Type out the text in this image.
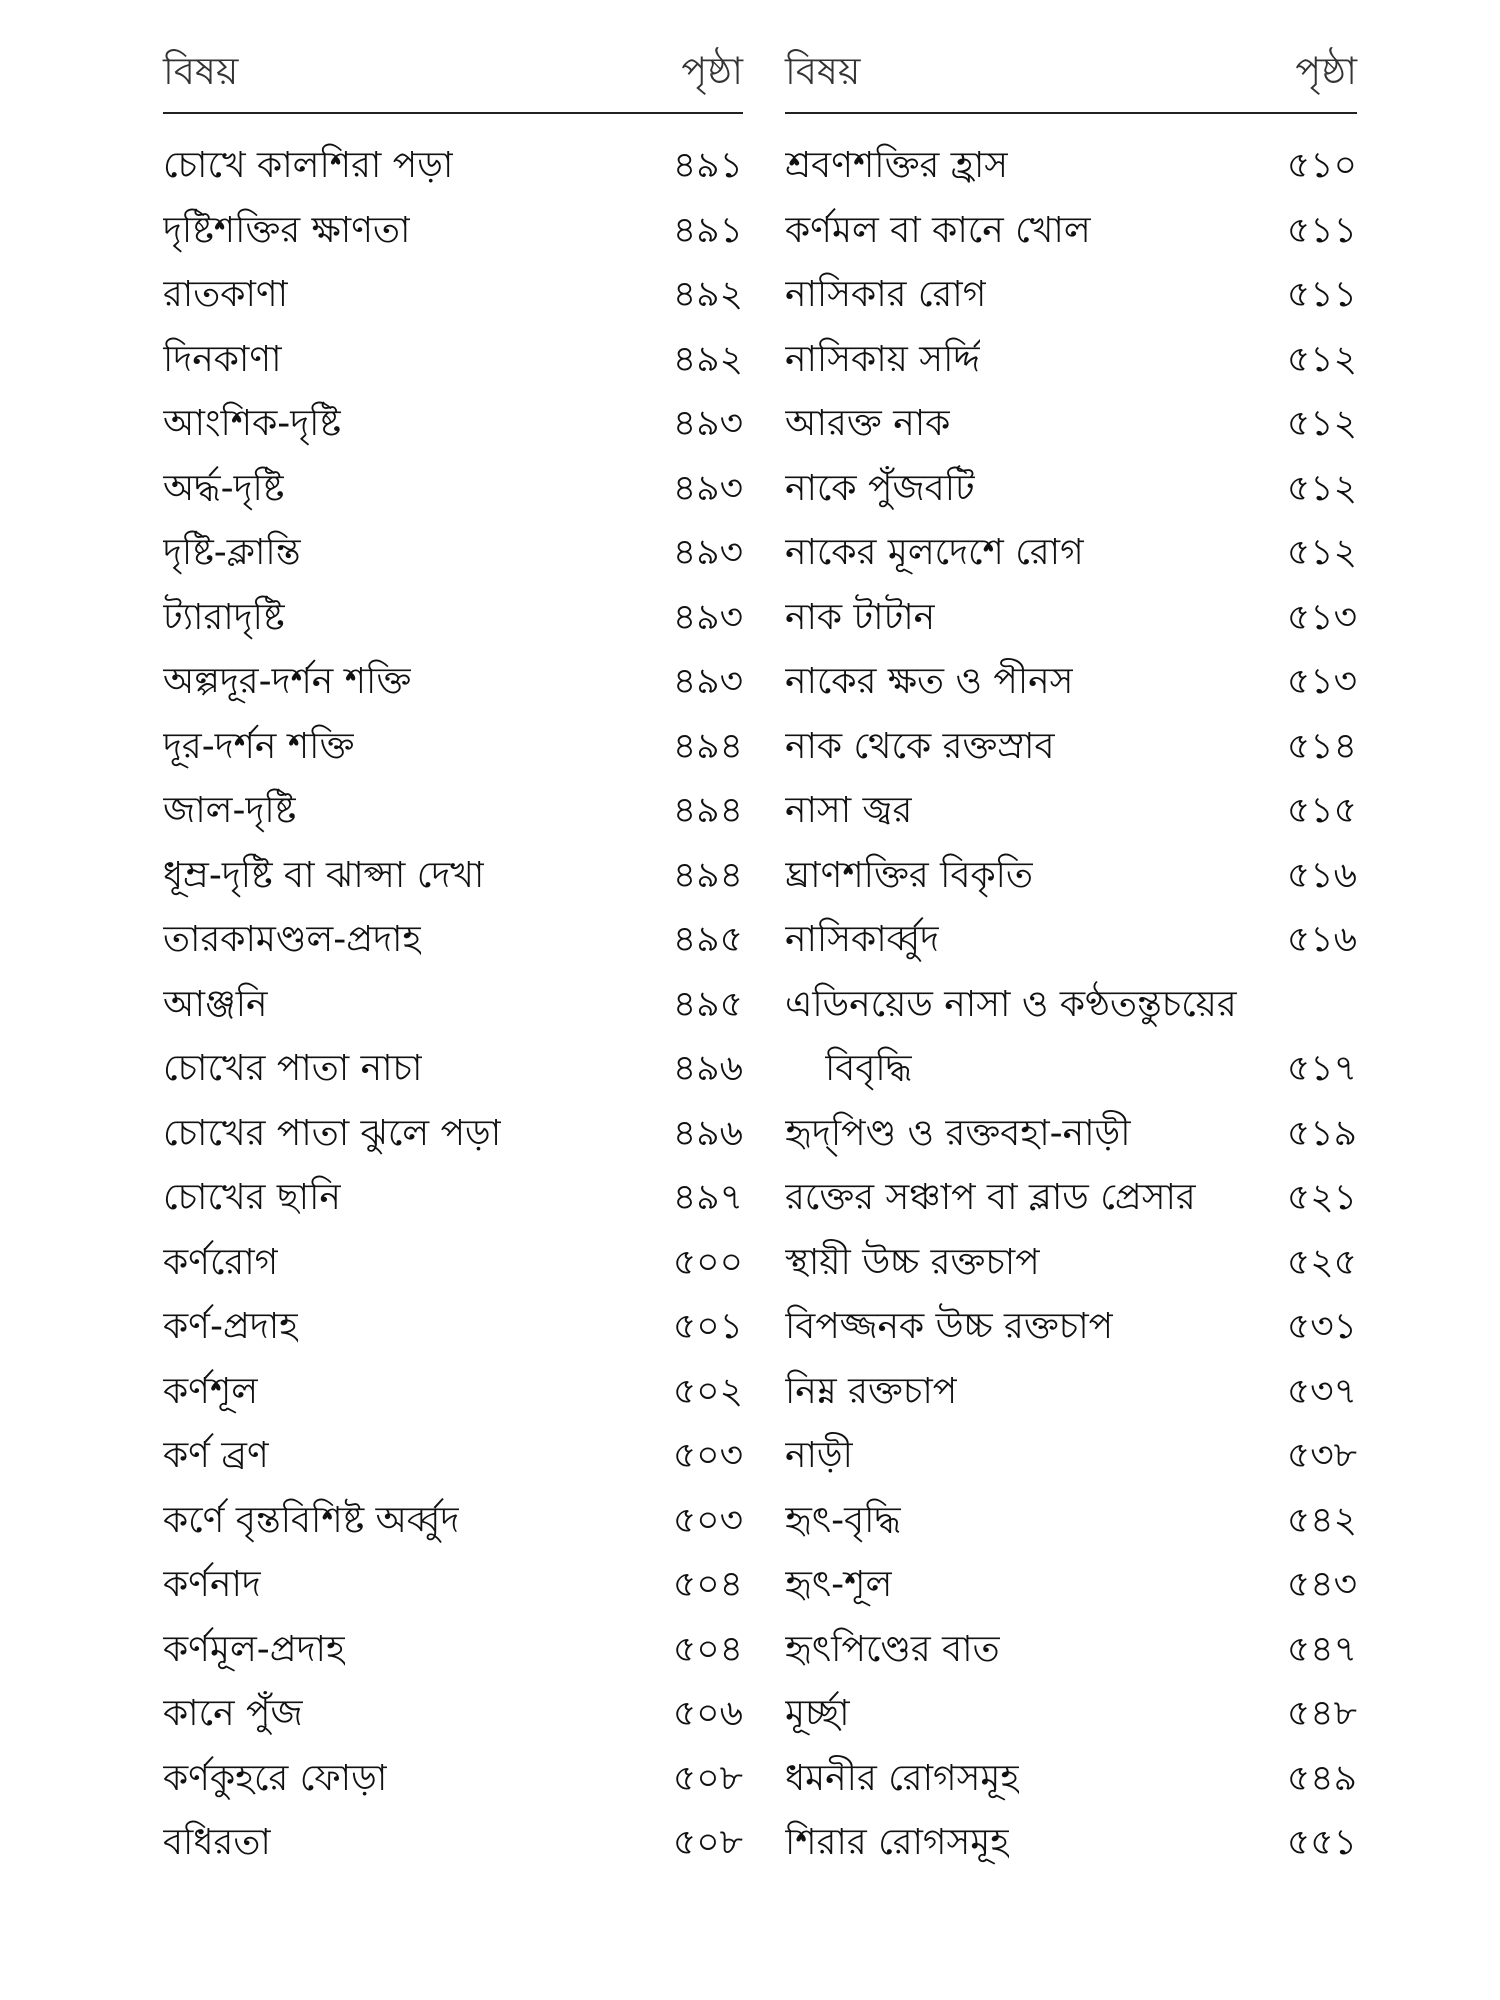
বিষয়	পৃষ্ঠা
চোখে কালশিরা পড়া	৪৯১
দৃষ্টিশক্তির ক্ষাণতা	৪৯১
রাতকাণা	৪৯২
দিনকাণা	৪৯২
আংশিক-দৃষ্টি	৪৯৩
অৰ্দ্ধ-দৃষ্টি	৪৯৩
দৃষ্টি-ক্লান্তি	৪৯৩
ট্যারাদৃষ্টি	৪৯৩
অল্পদূর-দর্শন শক্তি	৪৯৩
দূর-দর্শন শক্তি	৪৯৪
জাল-দৃষ্টি	৪৯৪
ধূম্র-দৃষ্টি বা ঝাপ্সা দেখা	৪৯৪
তারকামণ্ডল-প্রদাহ	৪৯৫
আঞ্জনি	৪৯৫
চোখের পাতা নাচা	৪৯৬
চোখের পাতা ঝুলে পড়া	৪৯৬
চোখের ছানি	৪৯৭
কর্ণরোগ	৫০০
কর্ণ-প্রদাহ	৫০১
কর্ণশূল	৫০২
কর্ণ ব্রণ	৫০৩
কর্ণে বৃন্তবিশিষ্ট অর্ব্বুদ	৫০৩
কর্ণনাদ	৫০৪
কর্ণমূল-প্রদাহ	৫০৪
কানে পুঁজ	৫০৬
কর্ণকুহরে ফোড়া	৫০৮
বধিরতা	৫০৮
বিষয়	পৃষ্ঠা
শ্রবণশক্তির হ্রাস	৫১০
কর্ণমল বা কানে খোল	৫১১
নাসিকার রোগ	৫১১
নাসিকায় সর্দ্দি	৫১২
আরক্ত নাক	৫১২
নাকে পুঁজবটি	৫১২
নাকের মূলদেশে রোগ	৫১২
নাক টাটান	৫১৩
নাকের ক্ষত ও পীনস	৫১৩
নাক থেকে রক্তস্রাব	৫১৪
নাসা জ্বর	৫১৫
ঘ্রাণশক্তির বিকৃতি	৫১৬
নাসিকার্ব্বুদ	৫১৬
এডিনয়েড নাসা ও কণ্ঠতন্তুচয়ের
বিবৃদ্ধি	৫১৭
হৃদ্‌পিণ্ড ও রক্তবহা-নাড়ী	৫১৯
রক্তের সঞ্চাপ বা ব্লাড প্রেসার	৫২১
স্থায়ী উচ্চ রক্তচাপ	৫২৫
বিপজ্জনক উচ্চ রক্তচাপ	৫৩১
নিম্ন রক্তচাপ	৫৩৭
নাড়ী	৫৩৮
হৃৎ-বৃদ্ধি	৫৪২
হৃৎ-শূল	৫৪৩
হৃৎপিণ্ডের বাত	৫৪৭
মূৰ্চ্ছা	৫৪৮
ধমনীর রোগসমূহ	৫৪৯
শিরার রোগসমূহ	৫৫১
